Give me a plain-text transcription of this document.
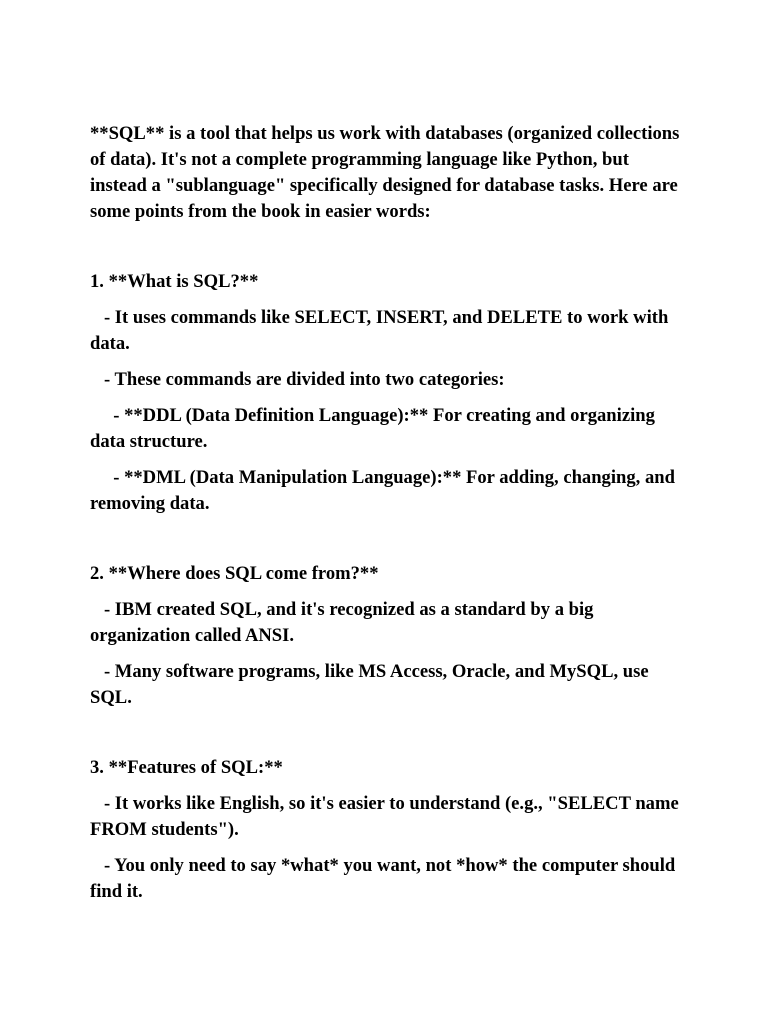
**SQL** is a tool that helps us work with databases (organized collections of data). It's not a complete programming language like Python, but instead a "sublanguage" specifically designed for database tasks. Here are some points from the book in easier words:

1. **What is SQL?**

- It uses commands like SELECT, INSERT, and DELETE to work with data.

- These commands are divided into two categories:

- **DDL (Data Definition Language):** For creating and organizing data structure.

- **DML (Data Manipulation Language):** For adding, changing, and removing data.

2. **Where does SQL come from?**

- IBM created SQL, and it's recognized as a standard by a big organization called ANSI.

- Many software programs, like MS Access, Oracle, and MySQL, use SQL.

3. **Features of SQL:**

- It works like English, so it's easier to understand (e.g., "SELECT name FROM students").

- You only need to say *what* you want, not *how* the computer should find it.
